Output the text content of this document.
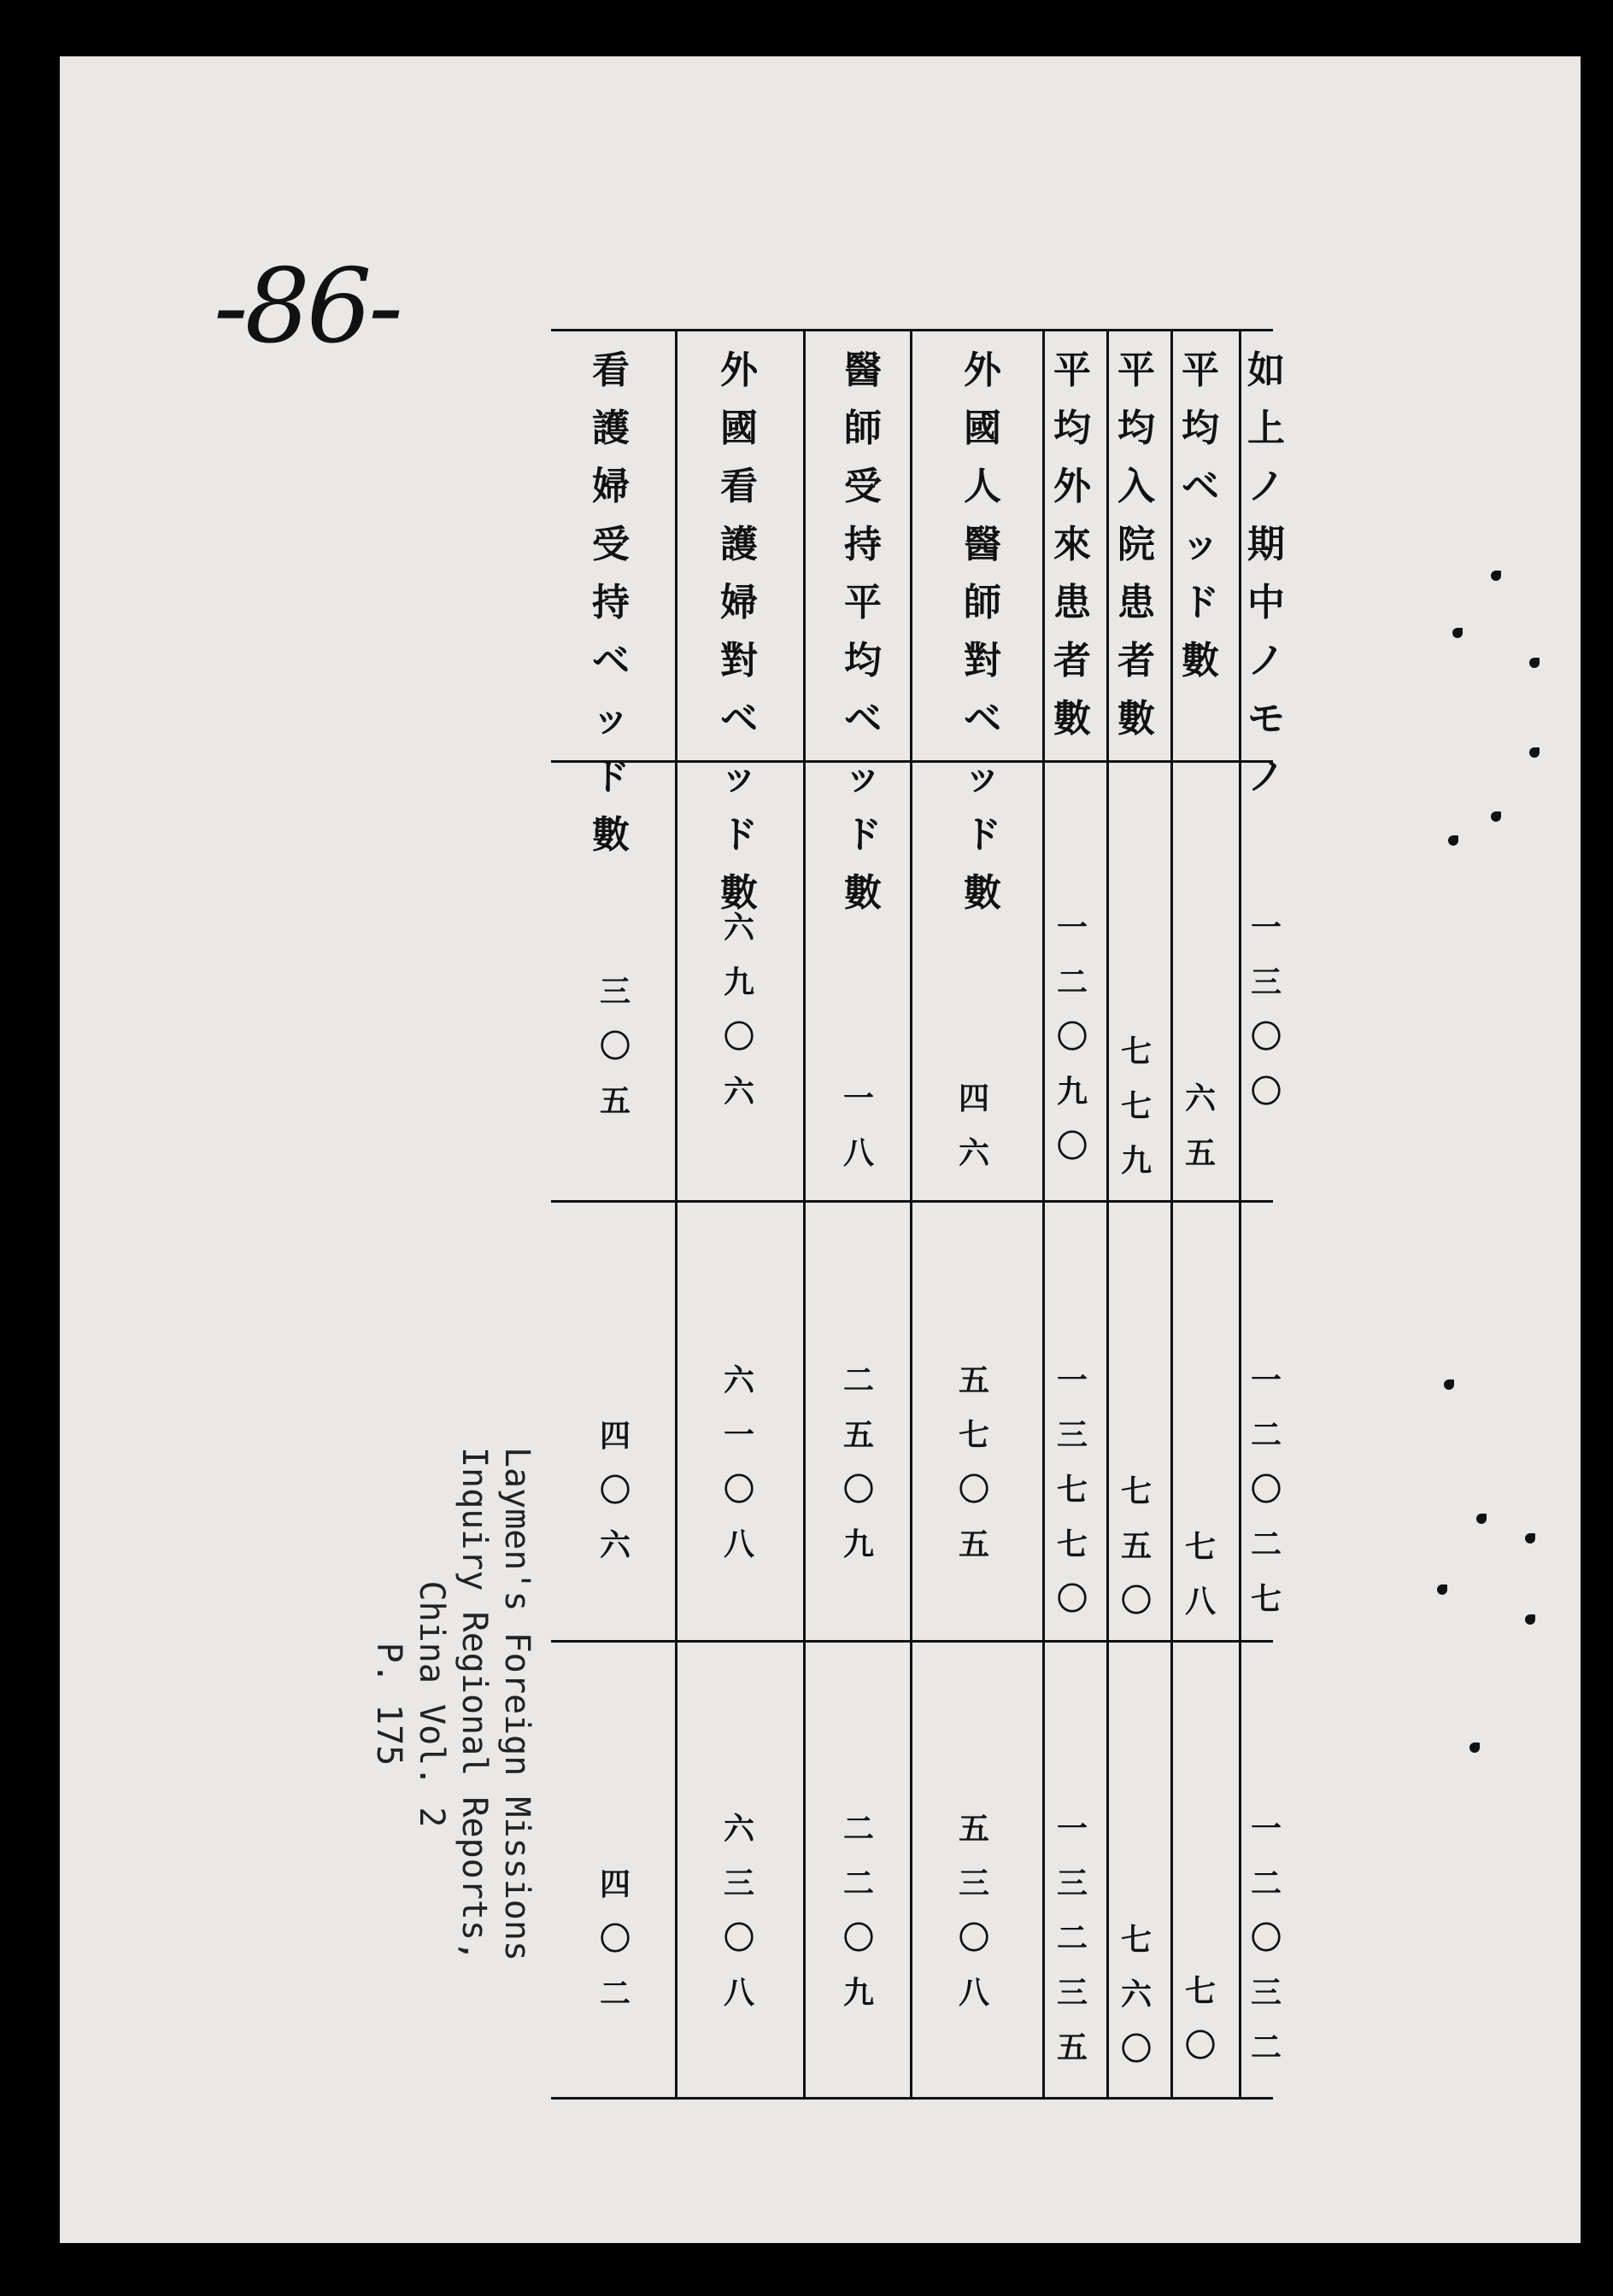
-86-
如
上
ノ
期
中
ノ
モ
ノ
平
均
ベ
ッ
ド
數
平
均
入
院
患
者
數
平
均
外
來
患
者
數
外
國
人
醫
師
對
ベ
ッ
ド
數
醫
師
受
持
平
均
ベ
ッ
ド
數
外
國
看
護
婦
對
ベ
ッ
ド
數
看
護
婦
受
持
ベ
ッ
ド
數
一
三
〇
〇
六
五
七
七
九
一
二
〇
九
〇
四
六
一
八
六
九
〇
六
三
〇
五
一
二
〇
二
七
七
八
七
五
〇
一
三
七
七
〇
五
七
〇
五
二
五
〇
九
六
一
〇
八
四
〇
六
一
二
〇
三
二
七
〇
七
六
〇
一
三
二
三
五
五
三
〇
八
二
二
〇
九
六
三
〇
八
四
〇
二
Laymen's Foreign Missions
Inquiry Regional Reports,
China Vol. 2
P. 175
